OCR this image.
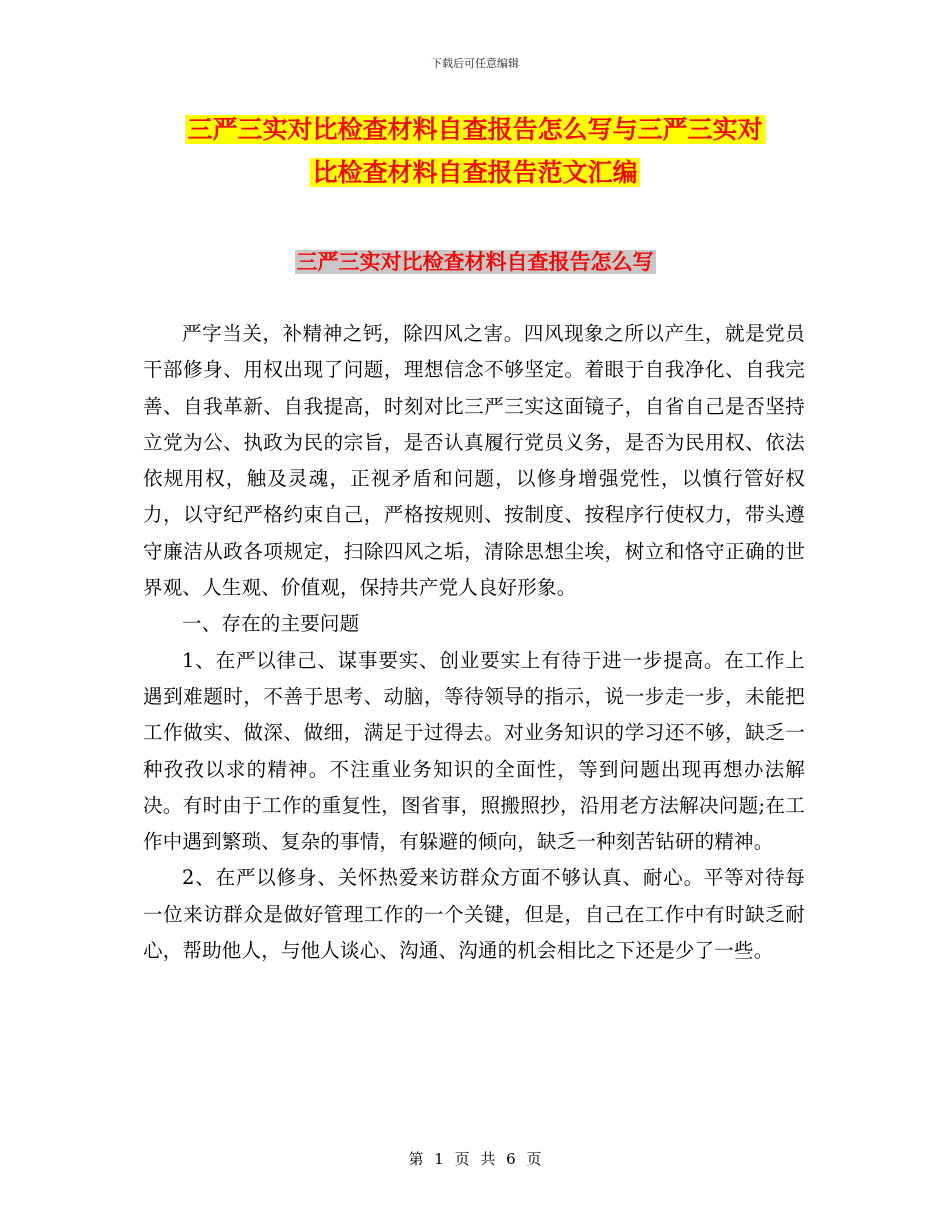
下载后可任意编辑
三严三实对比检查材料自查报告怎么写与三严三实对
比检查材料自查报告范文汇编
三严三实对比检查材料自查报告怎么写

严字当关，补精神之钙，除四风之害。四风现象之所以产生，就是党员干部修身、用权出现了问题，理想信念不够坚定。着眼于自我净化、自我完善、自我革新、自我提高，时刻对比三严三实这面镜子，自省自己是否坚持立党为公、执政为民的宗旨，是否认真履行党员义务，是否为民用权、依法依规用权，触及灵魂，正视矛盾和问题，以修身增强党性，以慎行管好权力，以守纪严格约束自己，严格按规则、按制度、按程序行使权力，带头遵守廉洁从政各项规定，扫除四风之垢，清除思想尘埃，树立和恪守正确的世界观、人生观、价值观，保持共产党人良好形象。

一、存在的主要问题

1、在严以律己、谋事要实、创业要实上有待于进一步提高。在工作上遇到难题时，不善于思考、动脑，等待领导的指示，说一步走一步，未能把工作做实、做深、做细，满足于过得去。对业务知识的学习还不够，缺乏一种孜孜以求的精神。不注重业务知识的全面性，等到问题出现再想办法解决。有时由于工作的重复性，图省事，照搬照抄，沿用老方法解决问题;在工作中遇到繁琐、复杂的事情，有躲避的倾向，缺乏一种刻苦钻研的精神。

2、在严以修身、关怀热爱来访群众方面不够认真、耐心。平等对待每一位来访群众是做好管理工作的一个关键，但是，自己在工作中有时缺乏耐心，帮助他人，与他人谈心、沟通、沟通的机会相比之下还是少了一些。

第 1 页 共 6 页
